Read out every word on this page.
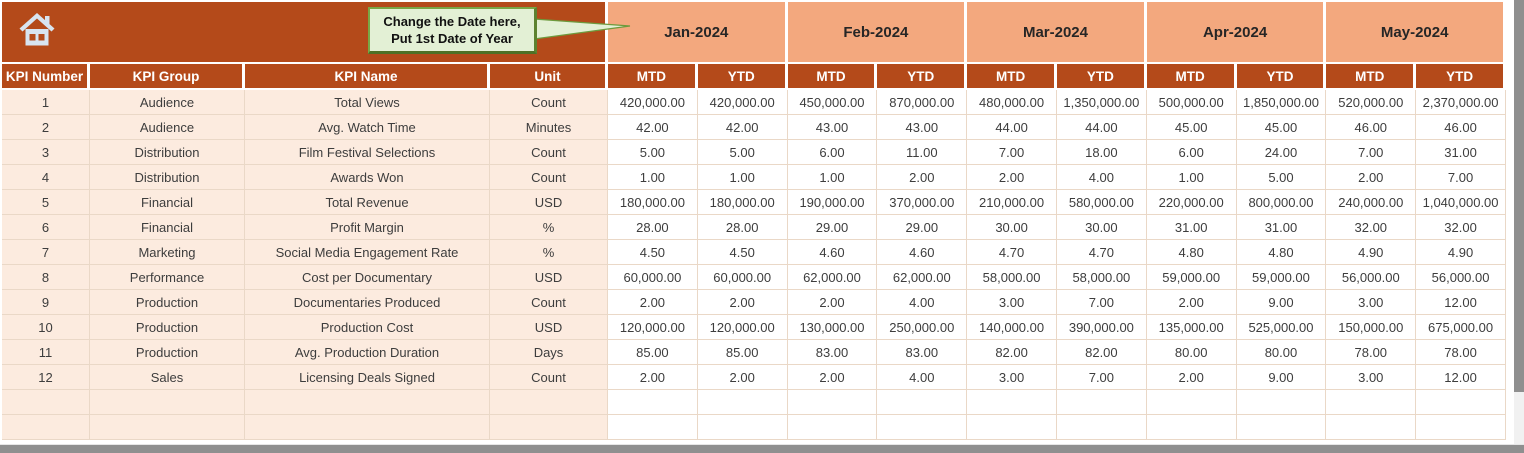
Jan-2024	Feb-2024	Mar-2024	Apr-2024	May-2024
KPI Number	KPI Group	KPI Name	Unit	MTD	YTD	MTD	YTD	MTD	YTD	MTD	YTD	MTD	YTD
1	Audience	Total Views	Count	420,000.00	420,000.00	450,000.00	870,000.00	480,000.00	1,350,000.00	500,000.00	1,850,000.00	520,000.00	2,370,000.00
2	Audience	Avg. Watch Time	Minutes	42.00	42.00	43.00	43.00	44.00	44.00	45.00	45.00	46.00	46.00
3	Distribution	Film Festival Selections	Count	5.00	5.00	6.00	11.00	7.00	18.00	6.00	24.00	7.00	31.00
4	Distribution	Awards Won	Count	1.00	1.00	1.00	2.00	2.00	4.00	1.00	5.00	2.00	7.00
5	Financial	Total Revenue	USD	180,000.00	180,000.00	190,000.00	370,000.00	210,000.00	580,000.00	220,000.00	800,000.00	240,000.00	1,040,000.00
6	Financial	Profit Margin	%	28.00	28.00	29.00	29.00	30.00	30.00	31.00	31.00	32.00	32.00
7	Marketing	Social Media Engagement Rate	%	4.50	4.50	4.60	4.60	4.70	4.70	4.80	4.80	4.90	4.90
8	Performance	Cost per Documentary	USD	60,000.00	60,000.00	62,000.00	62,000.00	58,000.00	58,000.00	59,000.00	59,000.00	56,000.00	56,000.00
9	Production	Documentaries Produced	Count	2.00	2.00	2.00	4.00	3.00	7.00	2.00	9.00	3.00	12.00
10	Production	Production Cost	USD	120,000.00	120,000.00	130,000.00	250,000.00	140,000.00	390,000.00	135,000.00	525,000.00	150,000.00	675,000.00
11	Production	Avg. Production Duration	Days	85.00	85.00	83.00	83.00	82.00	82.00	80.00	80.00	78.00	78.00
12	Sales	Licensing Deals Signed	Count	2.00	2.00	2.00	4.00	3.00	7.00	2.00	9.00	3.00	12.00
Change the Date here,
Put 1st Date of Year
